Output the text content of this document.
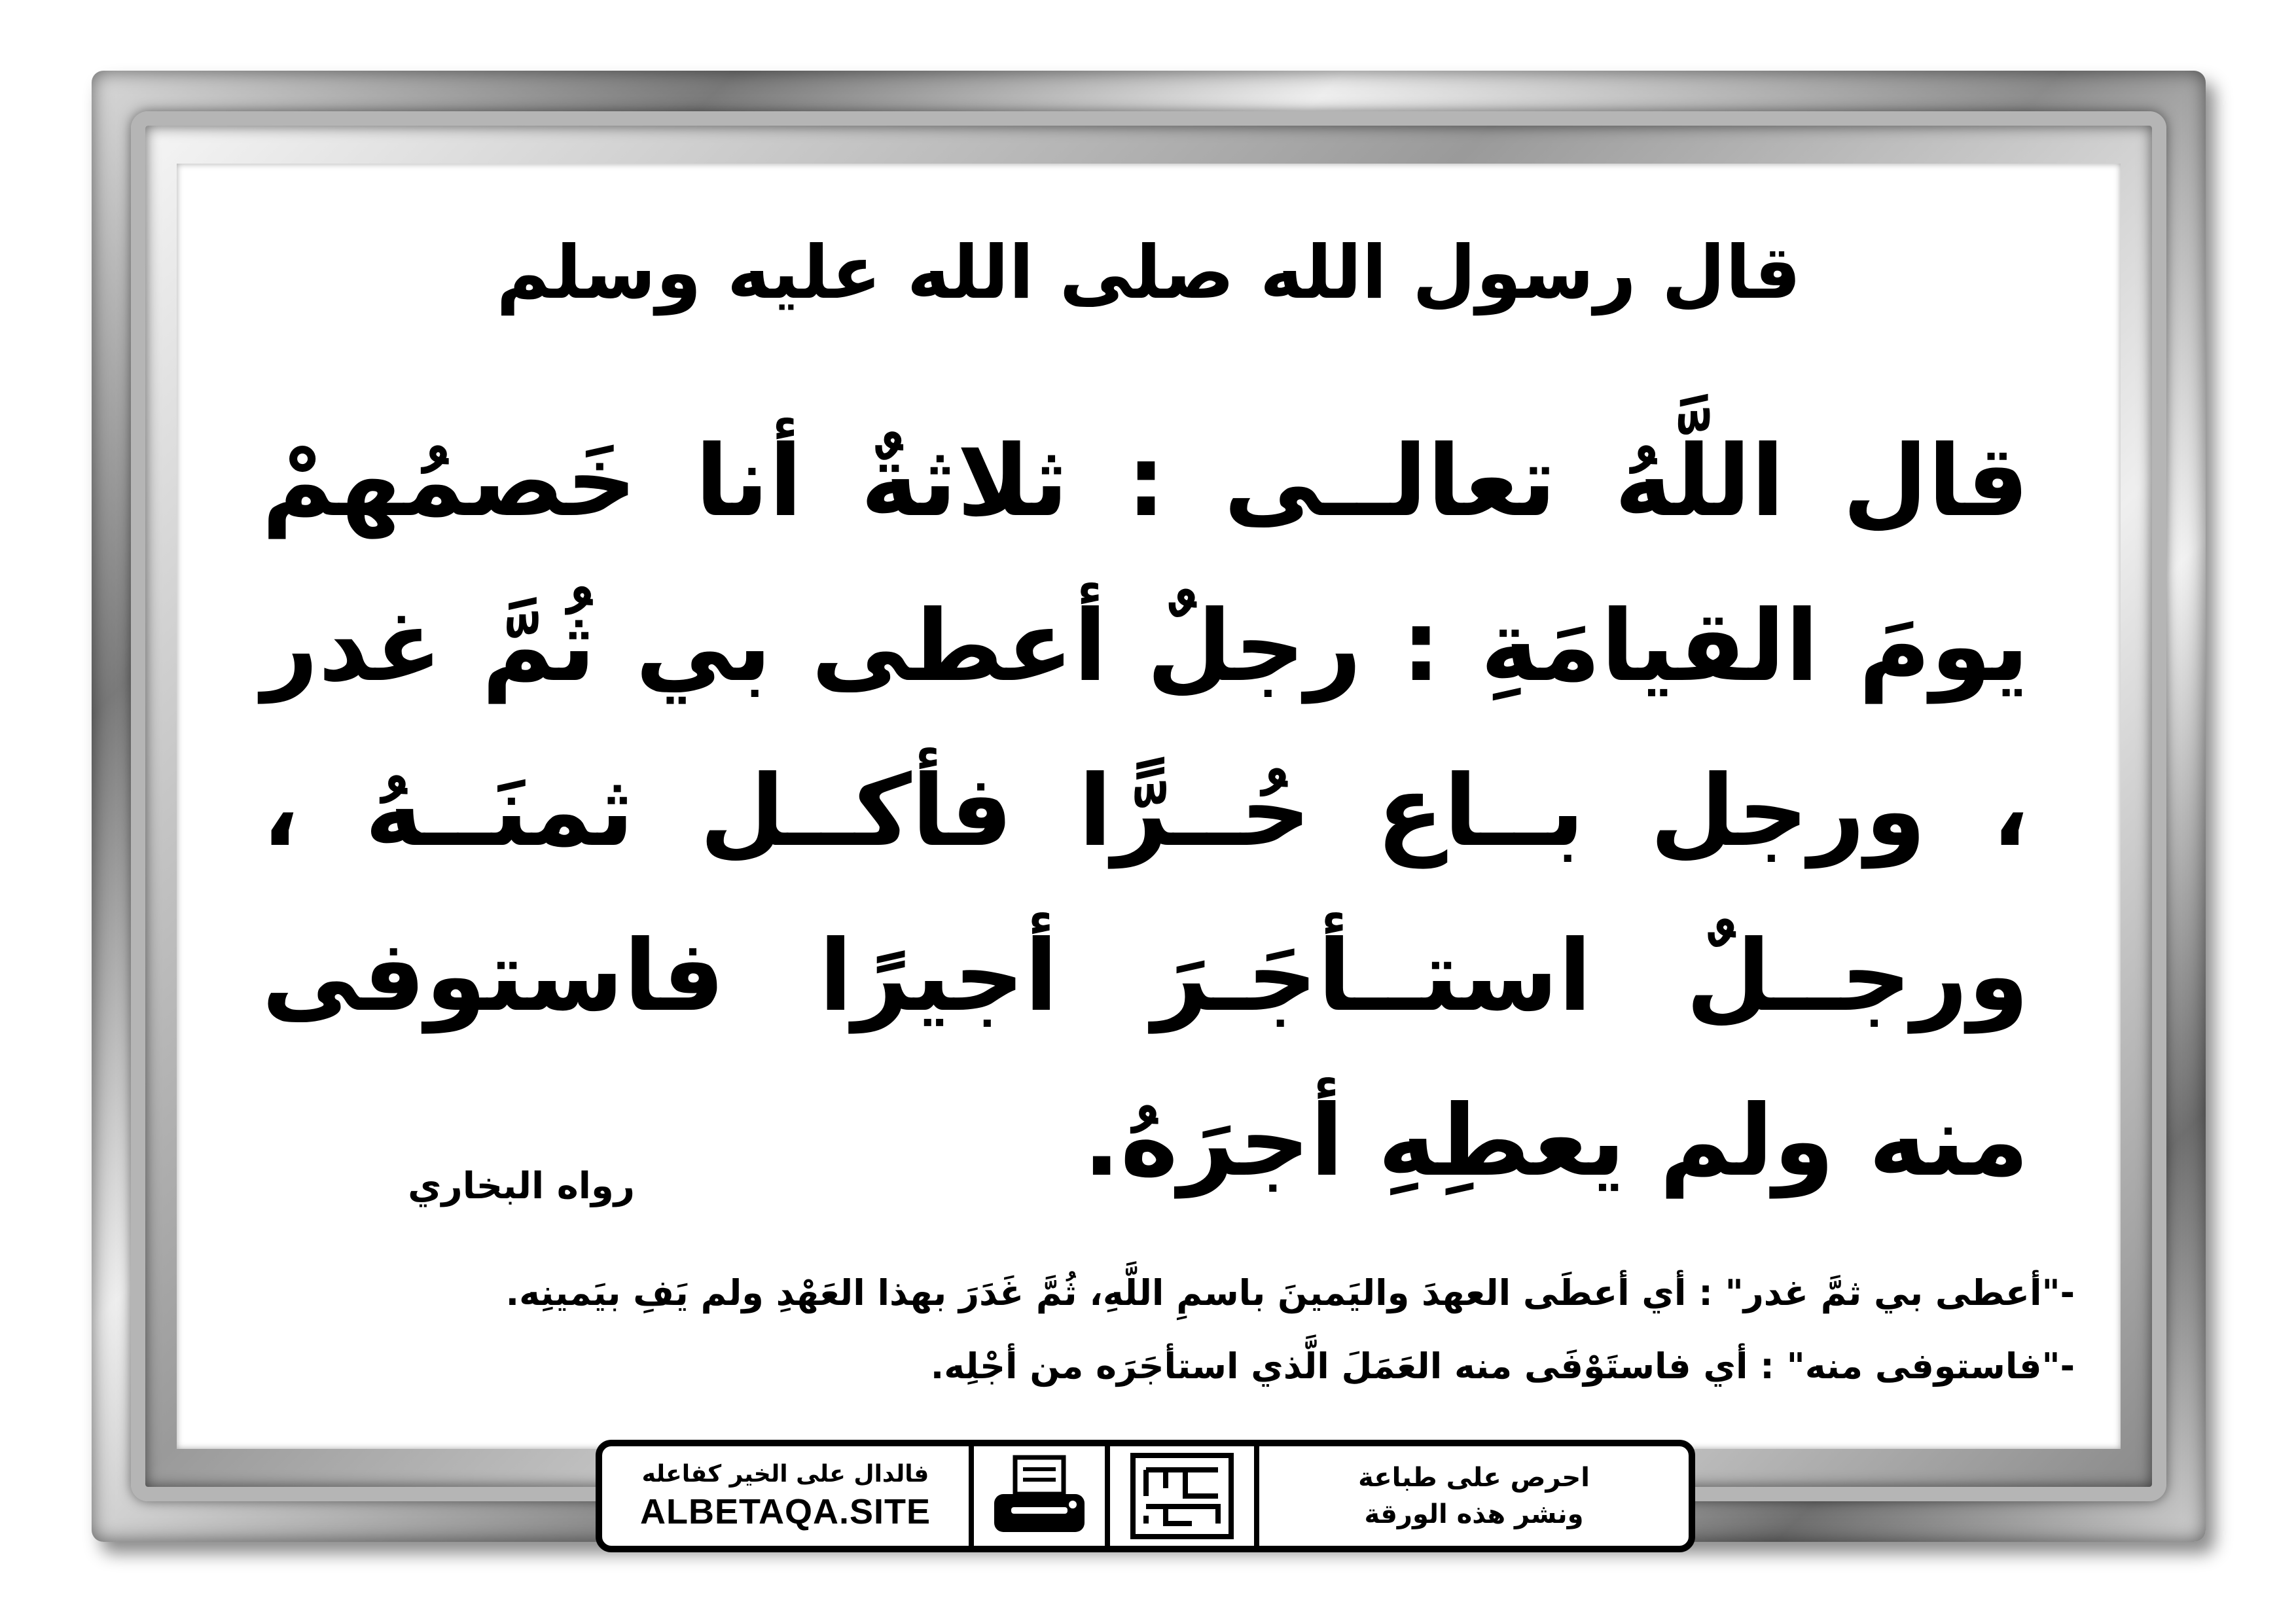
قال رسول الله صلى الله عليه وسلم
قال اللَّهُ تعالــى : ثلاثةٌ أنا خَصمُهمْ يومَ القيامَةِ : رجلٌ أعطى بي ثُمَّ غدر ، ورجل بــاع حُــرًّا فأكــل ثمنَــهُ ، ورجــلٌ استــأجَـرَ أجيرًا فاستوفى منه ولم يعطِهِ أجرَهُ.
رواه البخاري
-"أعطى بي ثمَّ غدر" : أي أعطَى العهدَ واليَمينَ باسمِ اللَّهِ، ثُمَّ غَدَرَ بهذا العَهْدِ ولم يَفِ بيَمينِه.
-"فاستوفى منه" : أي فاستَوْفَى منه العَمَلَ الَّذي استأجَرَه من أجْلِه.
فالدال على الخير كفاعله
ALBETAQA.SITE
احرص على طباعة
ونشر هذه الورقة
